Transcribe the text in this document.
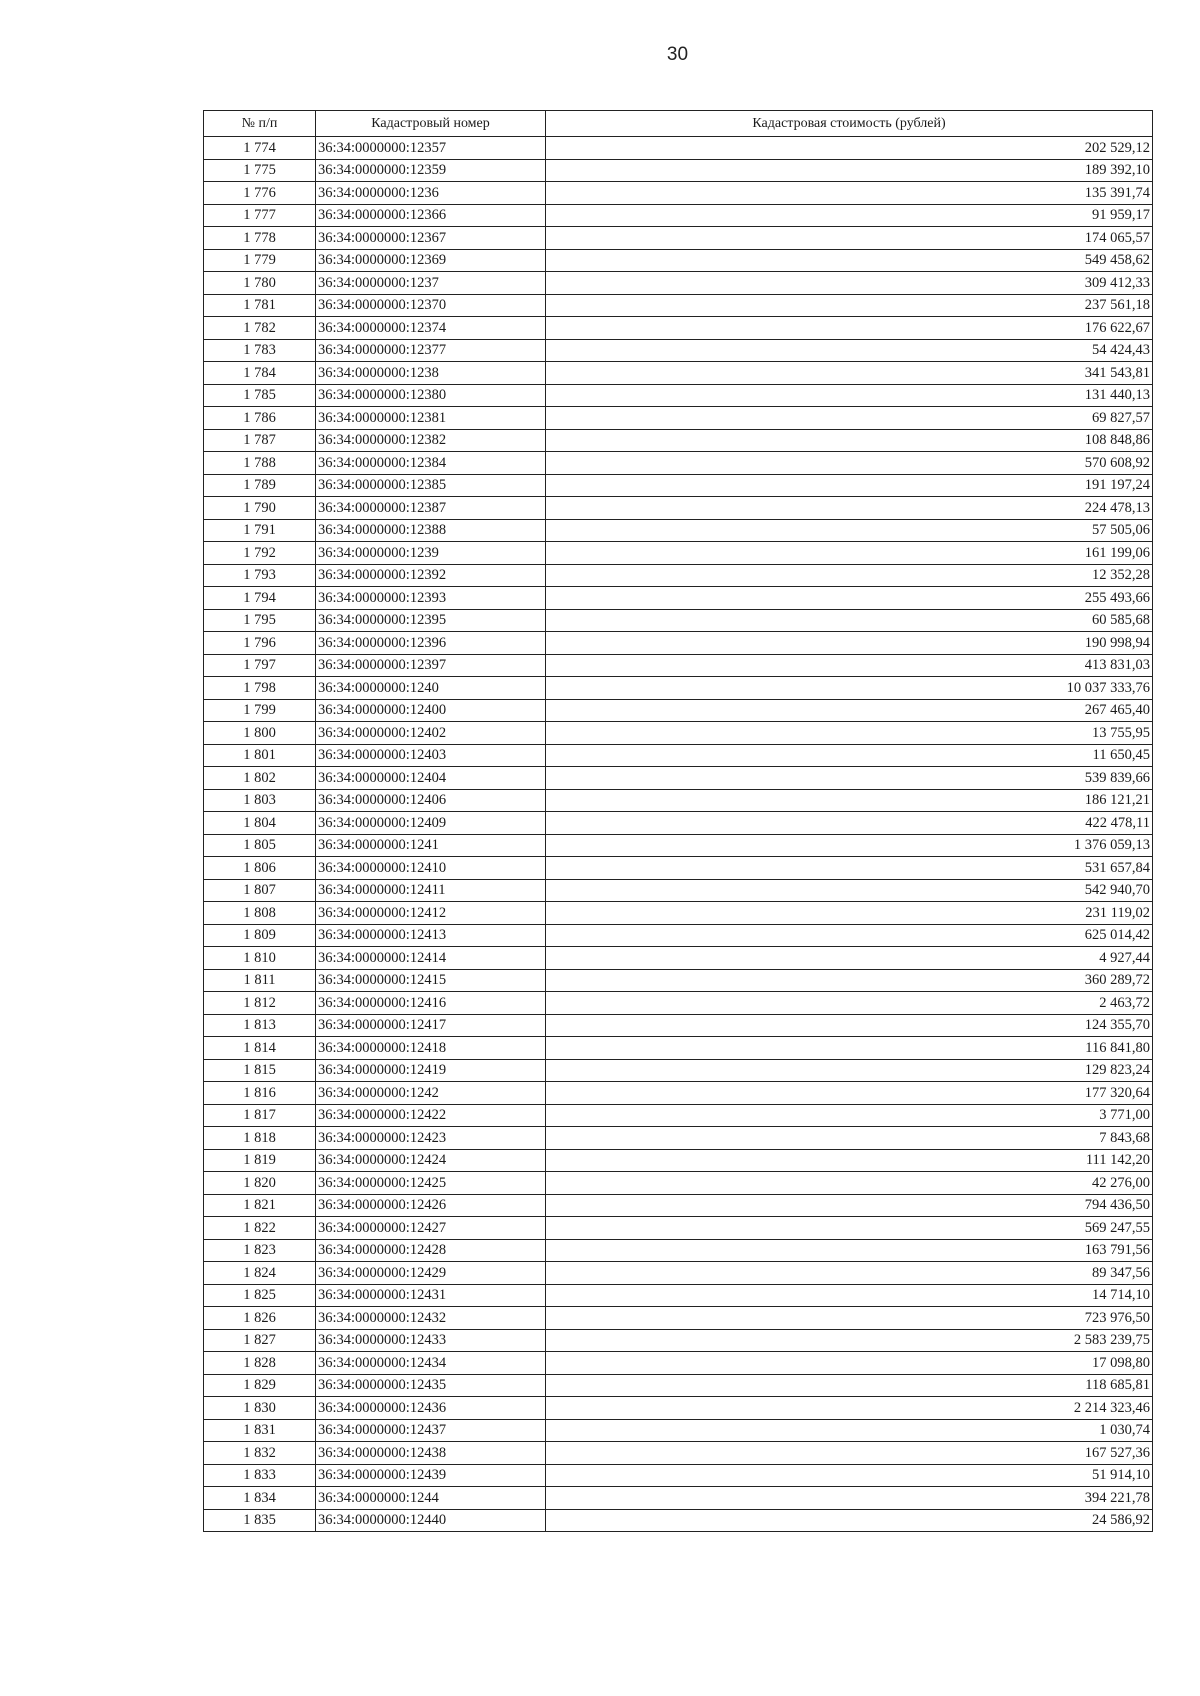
30
№ п/п	Кадастровый номер	Кадастровая стоимость (рублей)
1 774	36:34:0000000:12357	202 529,12
1 775	36:34:0000000:12359	189 392,10
1 776	36:34:0000000:1236	135 391,74
1 777	36:34:0000000:12366	91 959,17
1 778	36:34:0000000:12367	174 065,57
1 779	36:34:0000000:12369	549 458,62
1 780	36:34:0000000:1237	309 412,33
1 781	36:34:0000000:12370	237 561,18
1 782	36:34:0000000:12374	176 622,67
1 783	36:34:0000000:12377	54 424,43
1 784	36:34:0000000:1238	341 543,81
1 785	36:34:0000000:12380	131 440,13
1 786	36:34:0000000:12381	69 827,57
1 787	36:34:0000000:12382	108 848,86
1 788	36:34:0000000:12384	570 608,92
1 789	36:34:0000000:12385	191 197,24
1 790	36:34:0000000:12387	224 478,13
1 791	36:34:0000000:12388	57 505,06
1 792	36:34:0000000:1239	161 199,06
1 793	36:34:0000000:12392	12 352,28
1 794	36:34:0000000:12393	255 493,66
1 795	36:34:0000000:12395	60 585,68
1 796	36:34:0000000:12396	190 998,94
1 797	36:34:0000000:12397	413 831,03
1 798	36:34:0000000:1240	10 037 333,76
1 799	36:34:0000000:12400	267 465,40
1 800	36:34:0000000:12402	13 755,95
1 801	36:34:0000000:12403	11 650,45
1 802	36:34:0000000:12404	539 839,66
1 803	36:34:0000000:12406	186 121,21
1 804	36:34:0000000:12409	422 478,11
1 805	36:34:0000000:1241	1 376 059,13
1 806	36:34:0000000:12410	531 657,84
1 807	36:34:0000000:12411	542 940,70
1 808	36:34:0000000:12412	231 119,02
1 809	36:34:0000000:12413	625 014,42
1 810	36:34:0000000:12414	4 927,44
1 811	36:34:0000000:12415	360 289,72
1 812	36:34:0000000:12416	2 463,72
1 813	36:34:0000000:12417	124 355,70
1 814	36:34:0000000:12418	116 841,80
1 815	36:34:0000000:12419	129 823,24
1 816	36:34:0000000:1242	177 320,64
1 817	36:34:0000000:12422	3 771,00
1 818	36:34:0000000:12423	7 843,68
1 819	36:34:0000000:12424	111 142,20
1 820	36:34:0000000:12425	42 276,00
1 821	36:34:0000000:12426	794 436,50
1 822	36:34:0000000:12427	569 247,55
1 823	36:34:0000000:12428	163 791,56
1 824	36:34:0000000:12429	89 347,56
1 825	36:34:0000000:12431	14 714,10
1 826	36:34:0000000:12432	723 976,50
1 827	36:34:0000000:12433	2 583 239,75
1 828	36:34:0000000:12434	17 098,80
1 829	36:34:0000000:12435	118 685,81
1 830	36:34:0000000:12436	2 214 323,46
1 831	36:34:0000000:12437	1 030,74
1 832	36:34:0000000:12438	167 527,36
1 833	36:34:0000000:12439	51 914,10
1 834	36:34:0000000:1244	394 221,78
1 835	36:34:0000000:12440	24 586,92
